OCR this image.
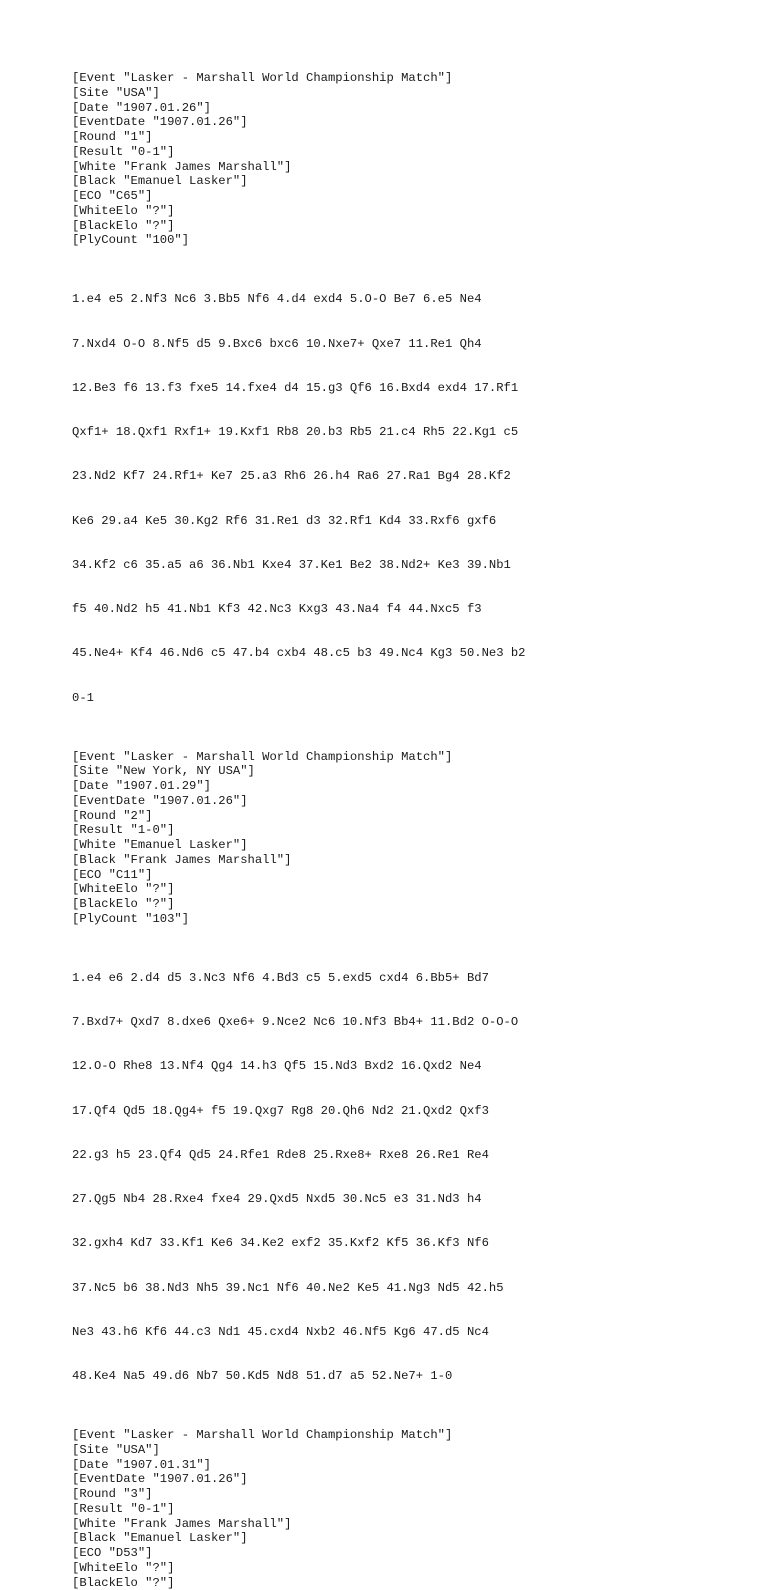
[Event "Lasker - Marshall World Championship Match"]
[Site "USA"]
[Date "1907.01.26"]
[EventDate "1907.01.26"]
[Round "1"]
[Result "0-1"]
[White "Frank James Marshall"]
[Black "Emanuel Lasker"]
[ECO "C65"]
[WhiteElo "?"]
[BlackElo "?"]
[PlyCount "100"]

1.e4 e5 2.Nf3 Nc6 3.Bb5 Nf6 4.d4 exd4 5.O-O Be7 6.e5 Ne4

7.Nxd4 O-O 8.Nf5 d5 9.Bxc6 bxc6 10.Nxe7+ Qxe7 11.Re1 Qh4

12.Be3 f6 13.f3 fxe5 14.fxe4 d4 15.g3 Qf6 16.Bxd4 exd4 17.Rf1

Qxf1+ 18.Qxf1 Rxf1+ 19.Kxf1 Rb8 20.b3 Rb5 21.c4 Rh5 22.Kg1 c5

23.Nd2 Kf7 24.Rf1+ Ke7 25.a3 Rh6 26.h4 Ra6 27.Ra1 Bg4 28.Kf2

Ke6 29.a4 Ke5 30.Kg2 Rf6 31.Re1 d3 32.Rf1 Kd4 33.Rxf6 gxf6

34.Kf2 c6 35.a5 a6 36.Nb1 Kxe4 37.Ke1 Be2 38.Nd2+ Ke3 39.Nb1

f5 40.Nd2 h5 41.Nb1 Kf3 42.Nc3 Kxg3 43.Na4 f4 44.Nxc5 f3

45.Ne4+ Kf4 46.Nd6 c5 47.b4 cxb4 48.c5 b3 49.Nc4 Kg3 50.Ne3 b2

0-1

[Event "Lasker - Marshall World Championship Match"]
[Site "New York, NY USA"]
[Date "1907.01.29"]
[EventDate "1907.01.26"]
[Round "2"]
[Result "1-0"]
[White "Emanuel Lasker"]
[Black "Frank James Marshall"]
[ECO "C11"]
[WhiteElo "?"]
[BlackElo "?"]
[PlyCount "103"]

1.e4 e6 2.d4 d5 3.Nc3 Nf6 4.Bd3 c5 5.exd5 cxd4 6.Bb5+ Bd7

7.Bxd7+ Qxd7 8.dxe6 Qxe6+ 9.Nce2 Nc6 10.Nf3 Bb4+ 11.Bd2 O-O-O

12.O-O Rhe8 13.Nf4 Qg4 14.h3 Qf5 15.Nd3 Bxd2 16.Qxd2 Ne4

17.Qf4 Qd5 18.Qg4+ f5 19.Qxg7 Rg8 20.Qh6 Nd2 21.Qxd2 Qxf3

22.g3 h5 23.Qf4 Qd5 24.Rfe1 Rde8 25.Rxe8+ Rxe8 26.Re1 Re4

27.Qg5 Nb4 28.Rxe4 fxe4 29.Qxd5 Nxd5 30.Nc5 e3 31.Nd3 h4

32.gxh4 Kd7 33.Kf1 Ke6 34.Ke2 exf2 35.Kxf2 Kf5 36.Kf3 Nf6

37.Nc5 b6 38.Nd3 Nh5 39.Nc1 Nf6 40.Ne2 Ke5 41.Ng3 Nd5 42.h5

Ne3 43.h6 Kf6 44.c3 Nd1 45.cxd4 Nxb2 46.Nf5 Kg6 47.d5 Nc4

48.Ke4 Na5 49.d6 Nb7 50.Kd5 Nd8 51.d7 a5 52.Ne7+ 1-0

[Event "Lasker - Marshall World Championship Match"]
[Site "USA"]
[Date "1907.01.31"]
[EventDate "1907.01.26"]
[Round "3"]
[Result "0-1"]
[White "Frank James Marshall"]
[Black "Emanuel Lasker"]
[ECO "D53"]
[WhiteElo "?"]
[BlackElo "?"]
